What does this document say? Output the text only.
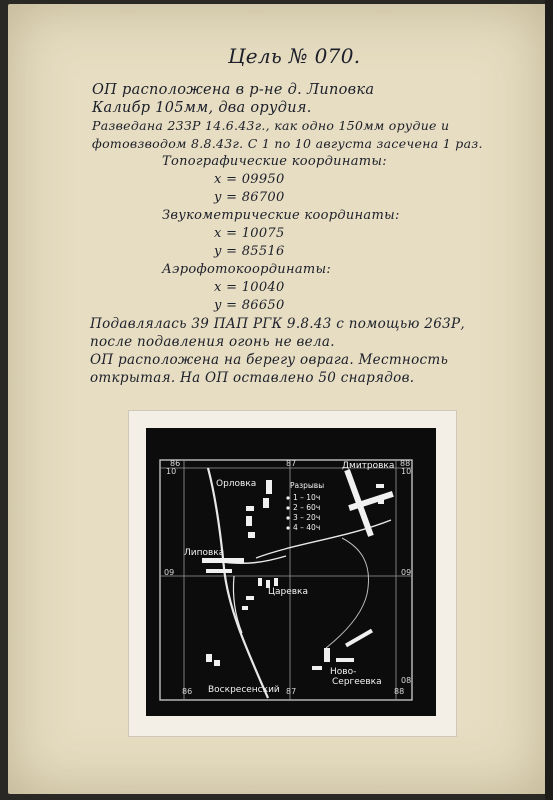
Цель № 070.
ОП расположена в р-не д. Липовка
Калибр 105мм, два орудия.
Разведана 23ЗР 14.6.43г., как одно 150мм орудие и
фотовзводом 8.8.43г. С 1 по 10 августа засечена 1 раз.
Топографические координаты:
x = 09950
y = 86700
Звукометрические координаты:
x = 10075
y = 85516
Аэрофотокоординаты:
x = 10040
y = 86650
Подавлялась 39 ПАП РГК 9.8.43 с помощью 263Р,
после подавления огонь не вела.
ОП расположена на берегу оврага. Местность
открытая. На ОП оставлено 50 снарядов.
86	87	88
10
09
10
09
86	87	88
08
Орловка
Дмитровка
Липовка
Царевка
Воскресенский
Ново-
Сергеевка
Разрывы
1 – 10ч
2 – 60ч
3 – 20ч
4 – 40ч
